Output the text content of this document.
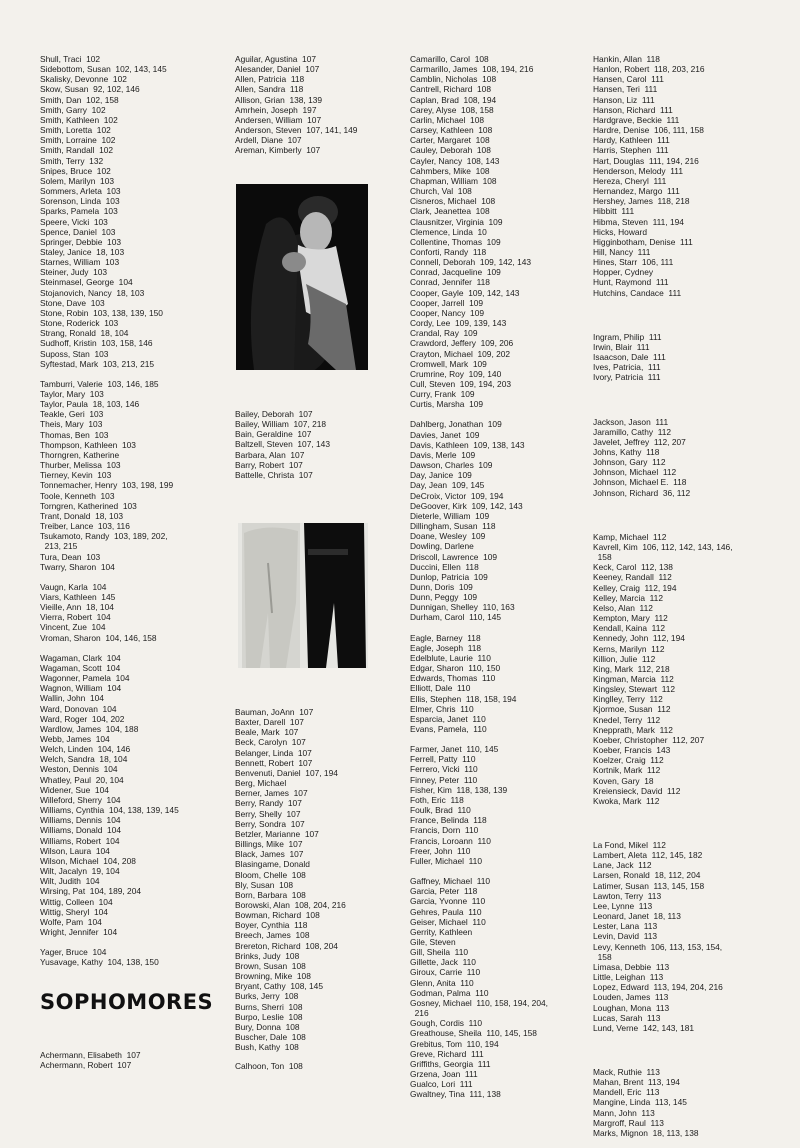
Shull, Traci  102
Sidebottom, Susan  102, 143, 145
Skalisky, Devonne  102
Skow, Susan  92, 102, 146
Smith, Dan  102, 158
Smith, Garry  102
Smith, Kathleen  102
Smith, Loretta  102
Smith, Lorraine  102
Smith, Randall  102
Smith, Terry  132
Snipes, Bruce  102
Solem, Marilyn  103
Sommers, Arleta  103
Sorenson, Linda  103
Sparks, Pamela  103
Speere, Vicki  103
Spence, Daniel  103
Springer, Debbie  103
Staley, Janice  18, 103
Starnes, William  103
Steiner, Judy  103
Steinmasel, George  104
Stojanovich, Nancy  18, 103
Stone, Dave  103
Stone, Robin  103, 138, 139, 150
Stone, Roderick  103
Strang, Ronald  18, 104
Sudhoff, Kristin  103, 158, 146
Suposs, Stan  103
Syftestad, Mark  103, 213, 215
Tamburri, Valerie  103, 146, 185
Taylor, Mary  103
Taylor, Paula  18, 103, 146
Teakle, Geri  103
Theis, Mary  103
Thomas, Ben  103
Thompson, Kathleen  103
Thorngren, Katherine
Thurber, Melissa  103
Tierney, Kevin  103
Tonnemacher, Henry  103, 198, 199
Toole, Kenneth  103
Torngren, Katherined  103
Trant, Donald  18, 103
Treiber, Lance  103, 116
Tsukamoto, Randy  103, 189, 202,
213, 215
Tura, Dean  103
Twarry, Sharon  104
Vaugn, Karla  104
Viars, Kathleen  145
Vieille, Ann  18, 104
Vierra, Robert  104
Vincent, Zue  104
Vroman, Sharon  104, 146, 158
Wagaman, Clark  104
Wagaman, Scott  104
Wagonner, Pamela  104
Wagnon, William  104
Wallin, John  104
Ward, Donovan  104
Ward, Roger  104, 202
Wardlow, James  104, 188
Webb, James  104
Welch, Linden  104, 146
Welch, Sandra  18, 104
Weston, Dennis  104
Whatley, Paul  20, 104
Widener, Sue  104
Willeford, Sherry  104
Williams, Cynthia  104, 138, 139, 145
Williams, Dennis  104
Williams, Donald  104
Williams, Robert  104
Wilson, Laura  104
Wilson, Michael  104, 208
Wilt, Jacalyn  19, 104
Wilt, Judith  104
Wirsing, Pat  104, 189, 204
Wittig, Colleen  104
Wittig, Sheryl  104
Wolfe, Pam  104
Wright, Jennifer  104
Yager, Bruce  104
Yusavage, Kathy  104, 138, 150
SOPHOMORES
Achermann, Elisabeth  107
Achermann, Robert  107
Aguilar, Agustina  107
Alesander, Daniel  107
Allen, Patricia  118
Allen, Sandra  118
Allison, Grian  138, 139
Amrhein, Joseph  197
Andersen, William  107
Anderson, Steven  107, 141, 149
Ardell, Diane  107
Areman, Kimberly  107
Bailey, Deborah  107
Bailey, William  107, 218
Bain, Geraldine  107
Baltzell, Steven  107, 143
Barbara, Alan  107
Barry, Robert  107
Battelle, Christa  107
Bauman, JoAnn  107
Baxter, Darell  107
Beale, Mark  107
Beck, Carolyn  107
Belanger, Linda  107
Bennett, Robert  107
Benvenuti, Daniel  107, 194
Berg, Michael
Berner, James  107
Berry, Randy  107
Berry, Shelly  107
Berry, Sondra  107
Betzler, Marianne  107
Billings, Mike  107
Black, James  107
Blasingame, Donald
Bloom, Chelle  108
Bly, Susan  108
Born, Barbara  108
Borowski, Alan  108, 204, 216
Bowman, Richard  108
Boyer, Cynthia  118
Breech, James  108
Brereton, Richard  108, 204
Brinks, Judy  108
Brown, Susan  108
Browning, Mike  108
Bryant, Cathy  108, 145
Burks, Jerry  108
Burns, Sherri  108
Burpo, Leslie  108
Bury, Donna  108
Buscher, Dale  108
Bush, Kathy  108
Calhoon, Ton  108
Camarillo, Carol  108
Carmarillo, James  108, 194, 216
Camblin, Nicholas  108
Cantrell, Richard  108
Caplan, Brad  108, 194
Carey, Alyse  108, 158
Carlin, Michael  108
Carsey, Kathleen  108
Carter, Margaret  108
Cauley, Deborah  108
Cayler, Nancy  108, 143
Cahmbers, Mike  108
Chapman, William  108
Church, Val  108
Cisneros, Michael  108
Clark, Jeanettea  108
Clausnitzer, Virginia  109
Clemence, Linda  10
Collentine, Thomas  109
Conforti, Randy  118
Connell, Deborah  109, 142, 143
Conrad, Jacqueline  109
Conrad, Jennifer  118
Cooper, Gayle  109, 142, 143
Cooper, Jarrell  109
Cooper, Nancy  109
Cordy, Lee  109, 139, 143
Crandal, Ray  109
Crawdord, Jeffery  109, 206
Crayton, Michael  109, 202
Cromwell, Mark  109
Crumrine, Roy  109, 140
Cull, Steven  109, 194, 203
Curry, Frank  109
Curtis, Marsha  109
Dahlberg, Jonathan  109
Davies, Janet  109
Davis, Kathleen  109, 138, 143
Davis, Merle  109
Dawson, Charles  109
Day, Janice  109
Day, Jean  109, 145
DeCroix, Victor  109, 194
DeGoover, Kirk  109, 142, 143
Dieterle, William  109
Dillingham, Susan  118
Doane, Wesley  109
Dowling, Darlene
Driscoll, Lawrence  109
Duccini, Ellen  118
Dunlop, Patricia  109
Dunn, Doris  109
Dunn, Peggy  109
Dunnigan, Shelley  110, 163
Durham, Carol  110, 145
Eagle, Barney  118
Eagle, Joseph  118
Edelblute, Laurie  110
Edgar, Sharon  110, 150
Edwards, Thomas  110
Elliott, Dale  110
Ellis, Stephen  118, 158, 194
Elmer, Chris  110
Esparcia, Janet  110
Evans, Pamela,  110
Farmer, Janet  110, 145
Ferrell, Patty  110
Ferrero, Vicki  110
Finney, Peter  110
Fisher, Kim  118, 138, 139
Foth, Eric  118
Foulk, Brad  110
France, Belinda  118
Francis, Dorn  110
Francis, Loroann  110
Freer, John  110
Fuller, Michael  110
Gaffney, Michael  110
Garcia, Peter  118
Garcia, Yvonne  110
Gehres, Paula  110
Geiser, Michael  110
Gerrity, Kathleen
Gile, Steven
Gill, Sheila  110
Gillette, Jack  110
Giroux, Carrie  110
Glenn, Anita  110
Godman, Palma  110
Gosney, Michael  110, 158, 194, 204,
216
Gough, Cordis  110
Greathouse, Sheila  110, 145, 158
Grebitus, Tom  110, 194
Greve, Richard  111
Griffiths, Georgia  111
Grzena, Joan  111
Gualco, Lori  111
Gwaltney, Tina  111, 138
Hankin, Allan  118
Hanlon, Robert  118, 203, 216
Hansen, Carol  111
Hansen, Teri  111
Hanson, Liz  111
Hanson, Richard  111
Hardgrave, Beckie  111
Hardre, Denise  106, 111, 158
Hardy, Kathleen  111
Harris, Stephen  111
Hart, Douglas  111, 194, 216
Henderson, Melody  111
Hereza, Cheryl  111
Hernandez, Margo  111
Hershey, James  118, 218
Hibbitt  111
Hibma, Steven  111, 194
Hicks, Howard
Higginbotham, Denise  111
Hill, Nancy  111
Hines, Starr  106, 111
Hopper, Cydney
Hunt, Raymond  111
Hutchins, Candace  111
Ingram, Philip  111
Irwin, Blair  111
Isaacson, Dale  111
Ives, Patricia,  111
Ivory, Patricia  111
Jackson, Jason  111
Jaramillo, Cathy  112
Javelet, Jeffrey  112, 207
Johns, Kathy  118
Johnson, Gary  112
Johnson, Michael  112
Johnson, Michael E.  118
Johnson, Richard  36, 112
Kamp, Michael  112
Kavrell, Kim  106, 112, 142, 143, 146,
158
Keck, Carol  112, 138
Keeney, Randall  112
Kelley, Craig  112, 194
Kelley, Marcia  112
Kelso, Alan  112
Kempton, Mary  112
Kendall, Kaina  112
Kennedy, John  112, 194
Kerns, Marilyn  112
Killion, Julie  112
King, Mark  112, 218
Kingman, Marcia  112
Kingsley, Stewart  112
Kinglley, Terry  112
Kjormoe, Susan  112
Knedel, Terry  112
Knepprath, Mark  112
Koeber, Christopher  112, 207
Koeber, Francis  143
Koelzer, Craig  112
Kortnik, Mark  112
Koven, Gary  18
Kreiensieck, David  112
Kwoka, Mark  112
La Fond, Mikel  112
Lambert, Aleta  112, 145, 182
Lane, Jack  112
Larsen, Ronald  18, 112, 204
Latimer, Susan  113, 145, 158
Lawton, Terry  113
Lee, Lynne  113
Leonard, Janet  18, 113
Lester, Lana  113
Levin, David  113
Levy, Kenneth  106, 113, 153, 154,
158
Limasa, Debbie  113
Little, Leighan  113
Lopez, Edward  113, 194, 204, 216
Louden, James  113
Loughan, Mona  113
Lucas, Sarah  113
Lund, Verne  142, 143, 181
Mack, Ruthie  113
Mahan, Brent  113, 194
Mandell, Eric  113
Mangine, Linda  113, 145
Mann, John  113
Margroff, Raul  113
Marks, Mignon  18, 113, 138
